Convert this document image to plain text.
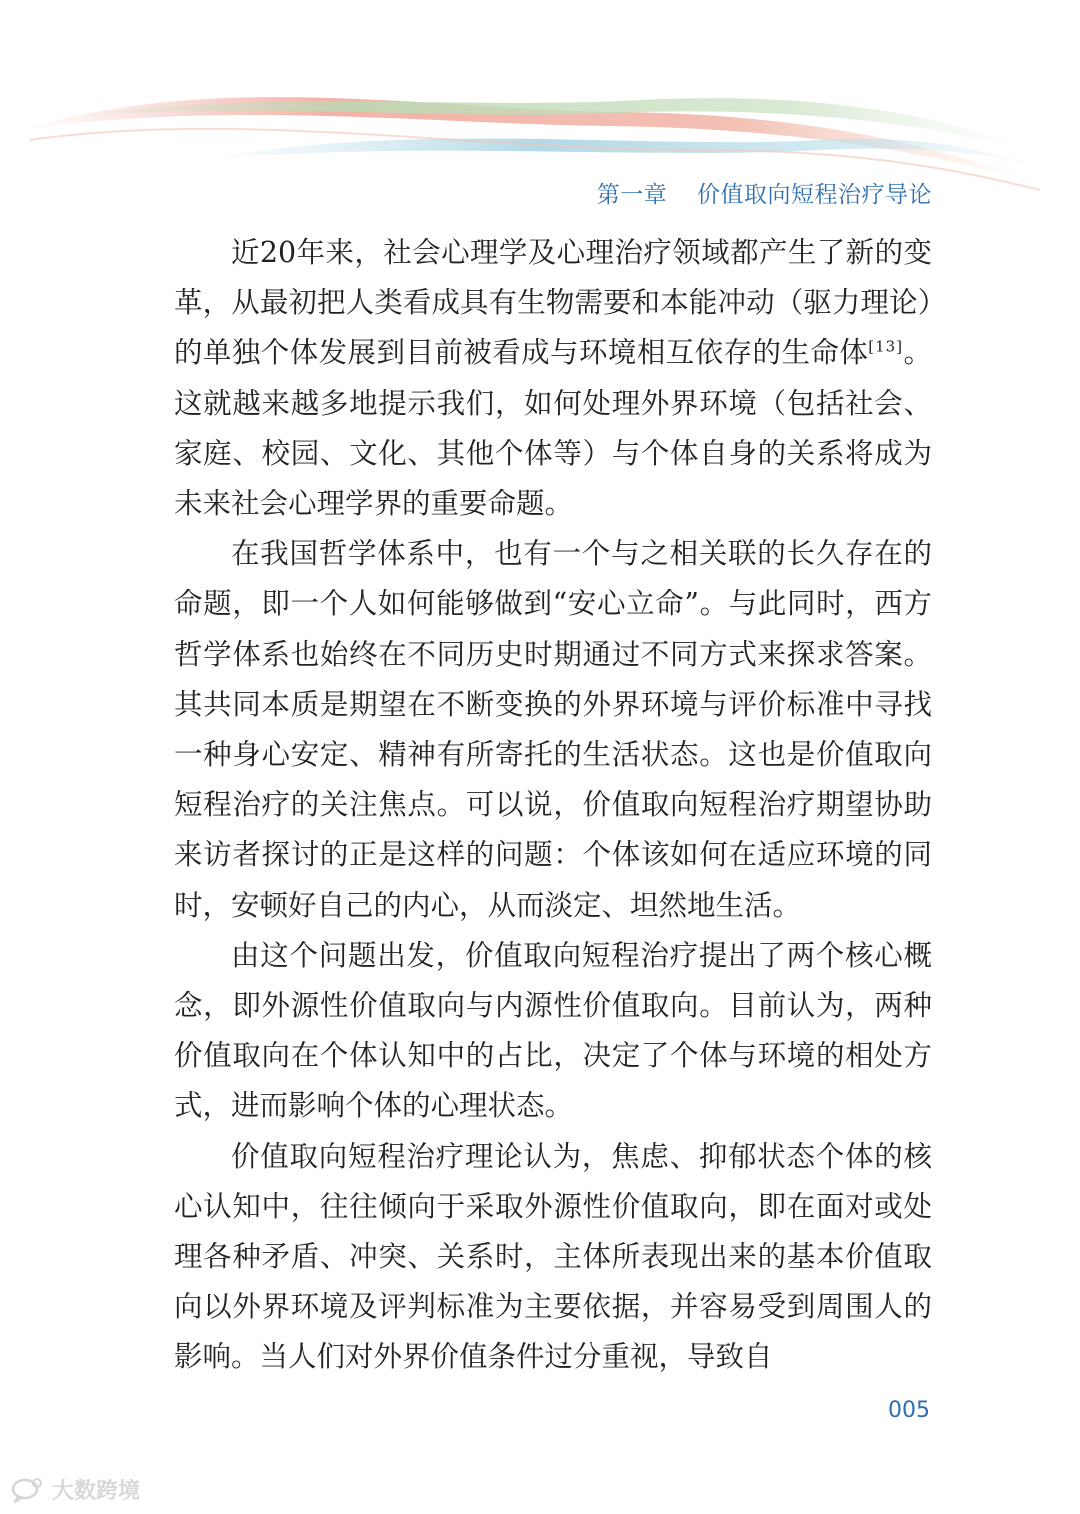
第一章 价值取向短程治疗导论

近20年来，社会心理学及心理治疗领域都产生了新的变革，从最初把人类看成具有生物需要和本能冲动（驱力理论）的单独个体发展到目前被看成与环境相互依存的生命体[13]。这就越来越多地提示我们，如何处理外界环境（包括社会、家庭、校园、文化、其他个体等）与个体自身的关系将成为未来社会心理学界的重要命题。

在我国哲学体系中，也有一个与之相关联的长久存在的命题，即一个人如何能够做到“安心立命”。与此同时，西方哲学体系也始终在不同历史时期通过不同方式来探求答案。其共同本质是期望在不断变换的外界环境与评价标准中寻找一种身心安定、精神有所寄托的生活状态。这也是价值取向短程治疗的关注焦点。可以说，价值取向短程治疗期望协助来访者探讨的正是这样的问题：个体该如何在适应环境的同时，安顿好自己的内心，从而淡定、坦然地生活。

由这个问题出发，价值取向短程治疗提出了两个核心概念，即外源性价值取向与内源性价值取向。目前认为，两种价值取向在个体认知中的占比，决定了个体与环境的相处方式，进而影响个体的心理状态。

价值取向短程治疗理论认为，焦虑、抑郁状态个体的核心认知中，往往倾向于采取外源性价值取向，即在面对或处理各种矛盾、冲突、关系时，主体所表现出来的基本价值取向以外界环境及评判标准为主要依据，并容易受到周围人的影响。当人们对外界价值条件过分重视，导致自

005
大数跨境
